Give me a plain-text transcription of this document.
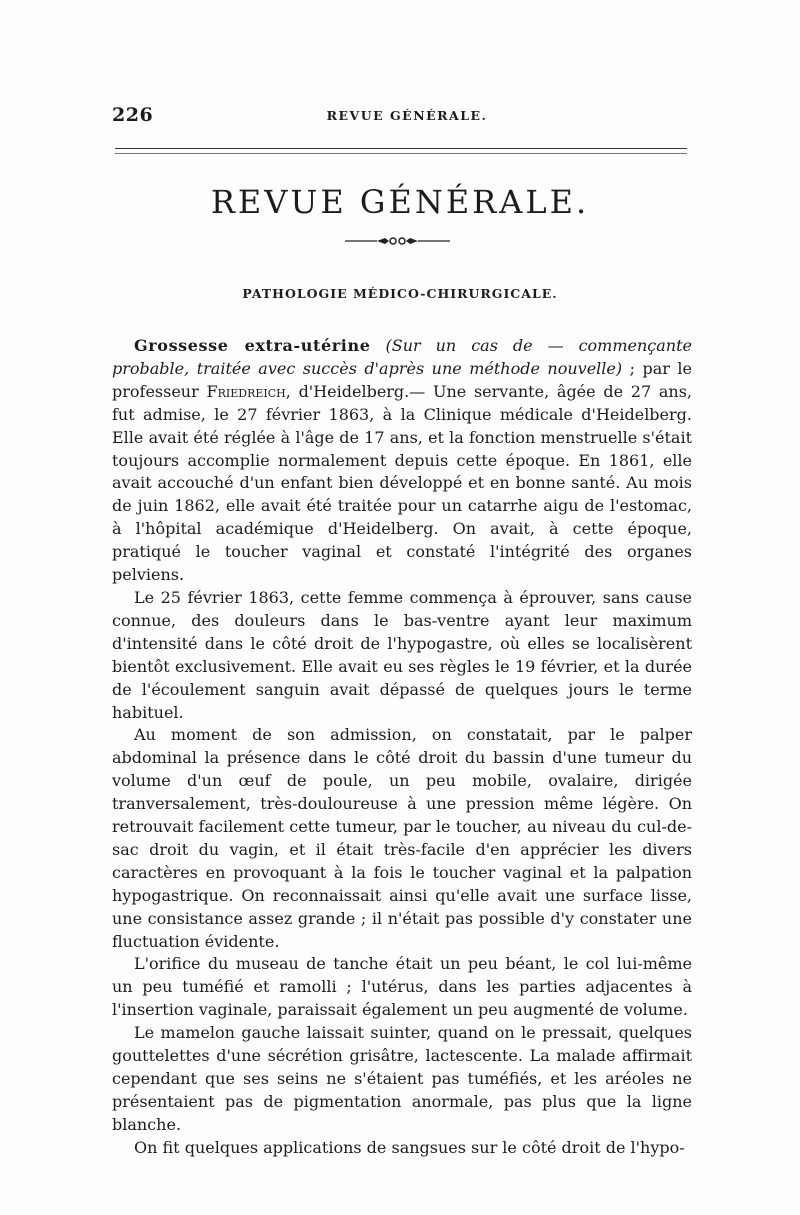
226	REVUE GÉNÉRALE.
REVUE GÉNÉRALE.
PATHOLOGIE MÉDICO-CHIRURGICALE.

Grossesse extra-utérine (Sur un cas de — commençante probable, traitée avec succès d'après une méthode nouvelle) ; par le professeur Friedreich, d'Heidelberg.— Une servante, âgée de 27 ans, fut admise, le 27 février 1863, à la Clinique médicale d'Heidelberg. Elle avait été réglée à l'âge de 17 ans, et la fonction menstruelle s'était toujours accomplie normalement depuis cette époque. En 1861, elle avait accouché d'un enfant bien développé et en bonne santé. Au mois de juin 1862, elle avait été traitée pour un catarrhe aigu de l'estomac, à l'hôpital académique d'Heidelberg. On avait, à cette époque, pratiqué le toucher vaginal et constaté l'intégrité des organes pelviens.

Le 25 février 1863, cette femme commença à éprouver, sans cause connue, des douleurs dans le bas-ventre ayant leur maximum d'intensité dans le côté droit de l'hypogastre, où elles se localisèrent bientôt exclusivement. Elle avait eu ses règles le 19 février, et la durée de l'écoulement sanguin avait dépassé de quelques jours le terme habituel.

Au moment de son admission, on constatait, par le palper abdominal la présence dans le côté droit du bassin d'une tumeur du volume d'un œuf de poule, un peu mobile, ovalaire, dirigée tranversalement, très-douloureuse à une pression même légère. On retrouvait facilement cette tumeur, par le toucher, au niveau du cul-de-sac droit du vagin, et il était très-facile d'en apprécier les divers caractères en provoquant à la fois le toucher vaginal et la palpation hypogastrique. On reconnaissait ainsi qu'elle avait une surface lisse, une consistance assez grande ; il n'était pas possible d'y constater une fluctuation évidente.

L'orifice du museau de tanche était un peu béant, le col lui-même un peu tuméfié et ramolli ; l'utérus, dans les parties adjacentes à l'insertion vaginale, paraissait également un peu augmenté de volume.

Le mamelon gauche laissait suinter, quand on le pressait, quelques gouttelettes d'une sécrétion grisâtre, lactescente. La malade affirmait cependant que ses seins ne s'étaient pas tuméfiés, et les aréoles ne présentaient pas de pigmentation anormale, pas plus que la ligne blanche.

On fit quelques applications de sangsues sur le côté droit de l'hypo-
